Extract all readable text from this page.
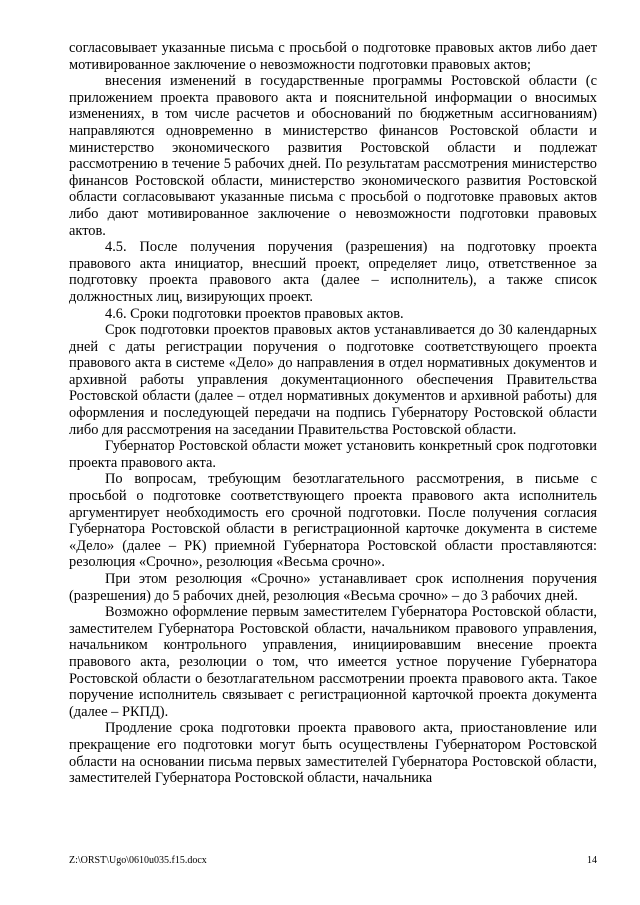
согласовывает указанные письма с просьбой о подготовке правовых актов либо дает мотивированное заключение о невозможности подготовки правовых актов;

внесения изменений в государственные программы Ростовской области (с приложением проекта правового акта и пояснительной информации о вносимых изменениях, в том числе расчетов и обоснований по бюджетным ассигнованиям) направляются одновременно в министерство финансов Ростовской области и министерство экономического развития Ростовской области и подлежат рассмотрению в течение 5 рабочих дней. По результатам рассмотрения министерство финансов Ростовской области, министерство экономического развития Ростовской области согласовывают указанные письма с просьбой о подготовке правовых актов либо дают мотивированное заключение о невозможности подготовки правовых актов.

4.5. После получения поручения (разрешения) на подготовку проекта правового акта инициатор, внесший проект, определяет лицо, ответственное за подготовку проекта правового акта (далее – исполнитель), а также список должностных лиц, визирующих проект.

4.6. Сроки подготовки проектов правовых актов.

Срок подготовки проектов правовых актов устанавливается до 30 календарных дней с даты регистрации поручения о подготовке соответствующего проекта правового акта в системе «Дело» до направления в отдел нормативных документов и архивной работы управления документационного обеспечения Правительства Ростовской области (далее – отдел нормативных документов и архивной работы) для оформления и последующей передачи на подпись Губернатору Ростовской области либо для рассмотрения на заседании Правительства Ростовской области.

Губернатор Ростовской области может установить конкретный срок подготовки проекта правового акта.

По вопросам, требующим безотлагательного рассмотрения, в письме с просьбой о подготовке соответствующего проекта правового акта исполнитель аргументирует необходимость его срочной подготовки. После получения согласия Губернатора Ростовской области в регистрационной карточке документа в системе «Дело» (далее – РК) приемной Губернатора Ростовской области проставляются: резолюция «Срочно», резолюция «Весьма срочно».

При этом резолюция «Срочно» устанавливает срок исполнения поручения (разрешения) до 5 рабочих дней, резолюция «Весьма срочно» – до 3 рабочих дней.

Возможно оформление первым заместителем Губернатора Ростовской области, заместителем Губернатора Ростовской области, начальником правового управления, начальником контрольного управления, инициировавшим внесение проекта правового акта, резолюции о том, что имеется устное поручение Губернатора Ростовской области о безотлагательном рассмотрении проекта правового акта. Такое поручение исполнитель связывает с регистрационной карточкой проекта документа (далее – РКПД).

Продление срока подготовки проекта правового акта, приостановление или прекращение его подготовки могут быть осуществлены Губернатором Ростовской области на основании письма первых заместителей Губернатора Ростовской области, заместителей Губернатора Ростовской области, начальника

Z:\ORST\Ugo\0610u035.f15.docx	14
